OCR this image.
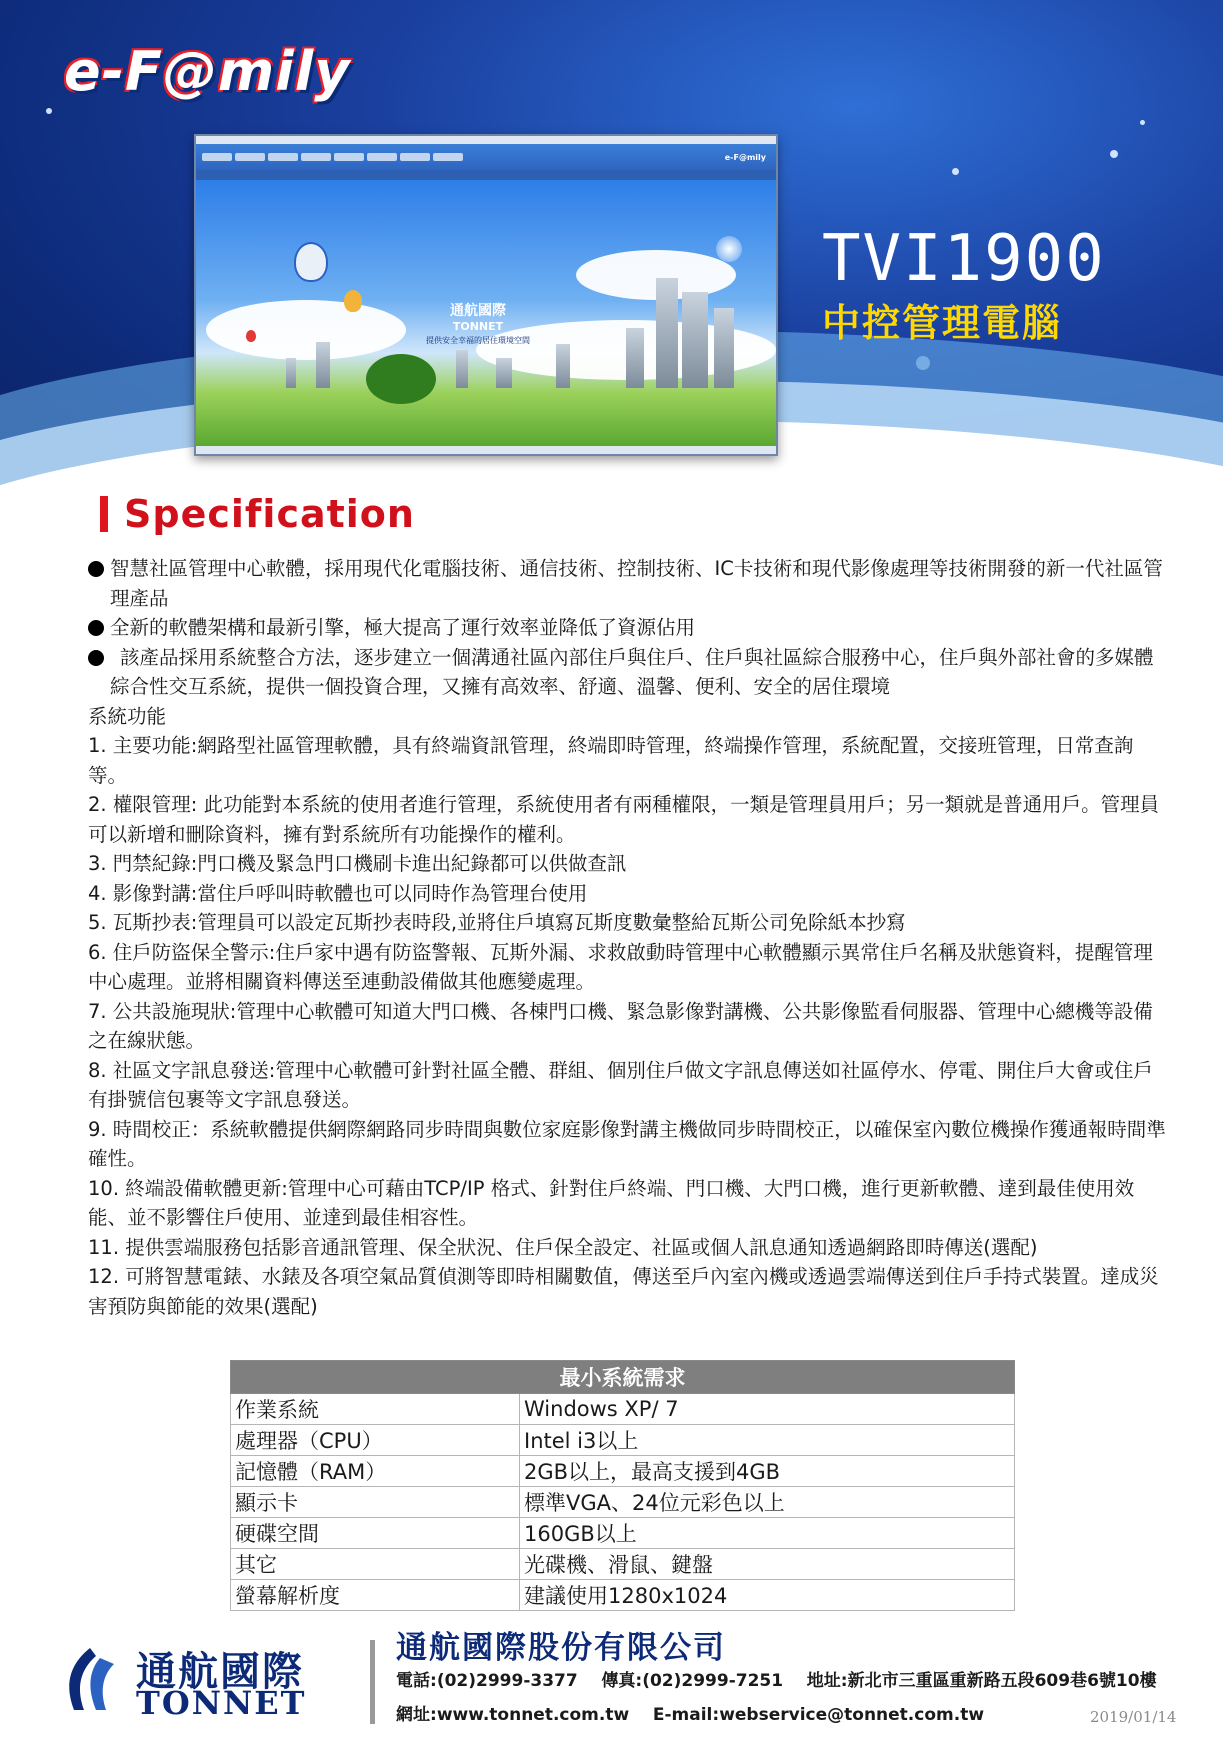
e-F@mily
e-F@mily
通航國際
TONNET
提供安全幸福的居住環境空間
TVI1900
中控管理電腦
Specification
智慧社區管理中心軟體，採用現代化電腦技術、通信技術、控制技術、IC卡技術和現代影像處理等技術開發的新一代社區管理產品
全新的軟體架構和最新引擎，極大提高了運行效率並降低了資源佔用
該產品採用系統整合方法，逐步建立一個溝通社區內部住戶與住戶、住戶與社區綜合服務中心，住戶與外部社會的多媒體綜合性交互系統，提供一個投資合理，又擁有高效率、舒適、溫馨、便利、安全的居住環境
系統功能
1. 主要功能:網路型社區管理軟體，具有終端資訊管理，終端即時管理，終端操作管理，系統配置，交接班管理，日常查詢等。
2. 權限管理: 此功能對本系統的使用者進行管理，系統使用者有兩種權限，一類是管理員用戶；另一類就是普通用戶。管理員可以新增和刪除資料，擁有對系統所有功能操作的權利。
3. 門禁紀錄:門口機及緊急門口機刷卡進出紀錄都可以供做查訊
4. 影像對講:當住戶呼叫時軟體也可以同時作為管理台使用
5. 瓦斯抄表:管理員可以設定瓦斯抄表時段,並將住戶填寫瓦斯度數彙整給瓦斯公司免除紙本抄寫
6. 住戶防盜保全警示:住戶家中遇有防盜警報、瓦斯外漏、求救啟動時管理中心軟體顯示異常住戶名稱及狀態資料，提醒管理中心處理。並將相關資料傳送至連動設備做其他應變處理。
7. 公共設施現狀:管理中心軟體可知道大門口機、各棟門口機、緊急影像對講機、公共影像監看伺服器、管理中心總機等設備之在線狀態。
8. 社區文字訊息發送:管理中心軟體可針對社區全體、群組、個別住戶做文字訊息傳送如社區停水、停電、開住戶大會或住戶有掛號信包裹等文字訊息發送。
9. 時間校正：系統軟體提供網際網路同步時間與數位家庭影像對講主機做同步時間校正，以確保室內數位機操作獲通報時間準確性。
10. 終端設備軟體更新:管理中心可藉由TCP/IP 格式、針對住戶終端、門口機、大門口機，進行更新軟體、達到最佳使用效能、並不影響住戶使用、並達到最佳相容性。
11. 提供雲端服務包括影音通訊管理、保全狀況、住戶保全設定、社區或個人訊息通知透過網路即時傳送(選配)
12. 可將智慧電錶、水錶及各項空氣品質偵測等即時相關數值，傳送至戶內室內機或透過雲端傳送到住戶手持式裝置。達成災害預防與節能的效果(選配)
最小系統需求	
作業系統	Windows XP/ 7
處理器（CPU）	Intel i3以上
記憶體（RAM）	2GB以上，最高支援到4GB
顯示卡	標準VGA、24位元彩色以上
硬碟空間	160GB以上
其它	光碟機、滑鼠、鍵盤
螢幕解析度	建議使用1280x1024
通航國際
TONNET
通航國際股份有限公司
電話:(02)2999-3377 傳真:(02)2999-7251 地址:新北市三重區重新路五段609巷6號10樓
網址:www.tonnet.com.tw E-mail:webservice@tonnet.com.tw	2019/01/14
